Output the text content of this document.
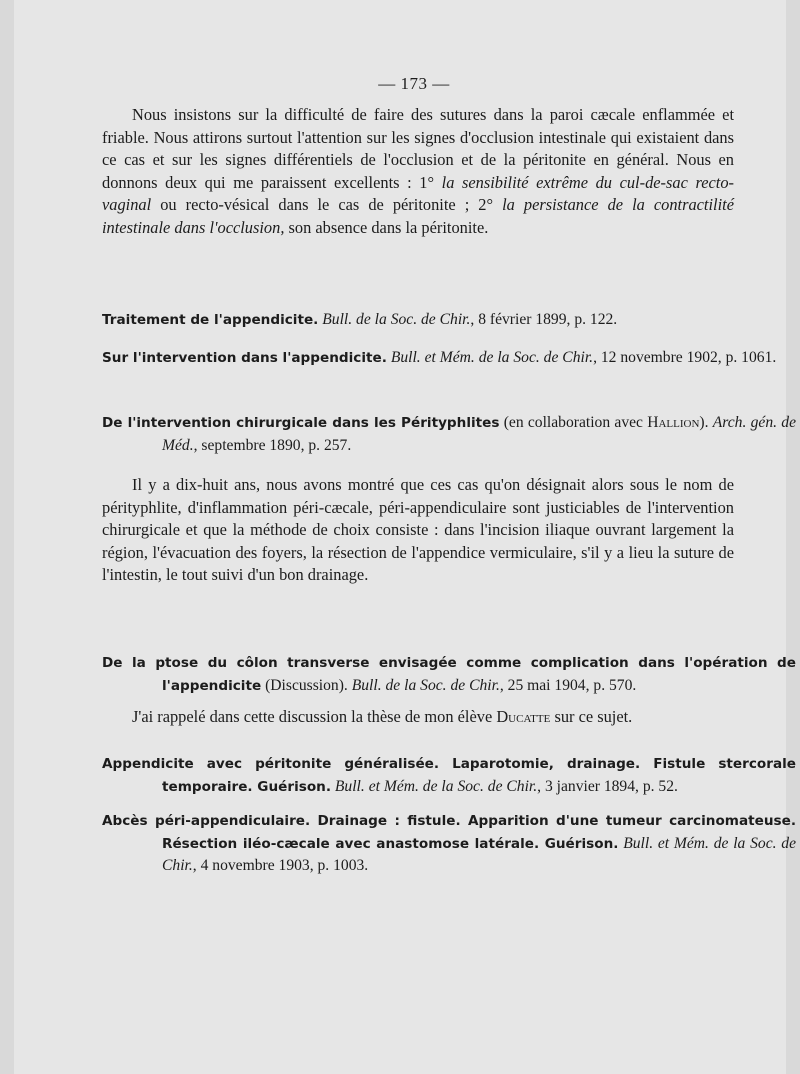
— 173 —

Nous insistons sur la difficulté de faire des sutures dans la paroi cæcale enflammée et friable. Nous attirons surtout l'attention sur les signes d'occlusion intestinale qui existaient dans ce cas et sur les signes différentiels de l'occlusion et de la péritonite en général. Nous en donnons deux qui me paraissent excellents : 1° la sensibilité extrême du cul-de-sac recto-vaginal ou recto-vésical dans le cas de péritonite ; 2° la persistance de la contractilité intestinale dans l'occlusion, son absence dans la péritonite.

Traitement de l'appendicite. Bull. de la Soc. de Chir., 8 février 1899, p. 122.

Sur l'intervention dans l'appendicite. Bull. et Mém. de la Soc. de Chir., 12 novembre 1902, p. 1061.

De l'intervention chirurgicale dans les Pérityphlites (en collaboration avec Hallion). Arch. gén. de Méd., septembre 1890, p. 257.

Il y a dix-huit ans, nous avons montré que ces cas qu'on désignait alors sous le nom de pérityphlite, d'inflammation péri-cæcale, péri-appendiculaire sont justiciables de l'intervention chirurgicale et que la méthode de choix consiste : dans l'incision iliaque ouvrant largement la région, l'évacuation des foyers, la résection de l'appendice vermiculaire, s'il y a lieu la suture de l'intestin, le tout suivi d'un bon drainage.

De la ptose du côlon transverse envisagée comme complication dans l'opération de l'appendicite (Discussion). Bull. de la Soc. de Chir., 25 mai 1904, p. 570.

J'ai rappelé dans cette discussion la thèse de mon élève Ducatte sur ce sujet.

Appendicite avec péritonite généralisée. Laparotomie, drainage. Fistule stercorale temporaire. Guérison. Bull. et Mém. de la Soc. de Chir., 3 janvier 1894, p. 52.

Abcès péri-appendiculaire. Drainage : fistule. Apparition d'une tumeur carcinomateuse. Résection iléo-cæcale avec anastomose latérale. Guérison. Bull. et Mém. de la Soc. de Chir., 4 novembre 1903, p. 1003.
